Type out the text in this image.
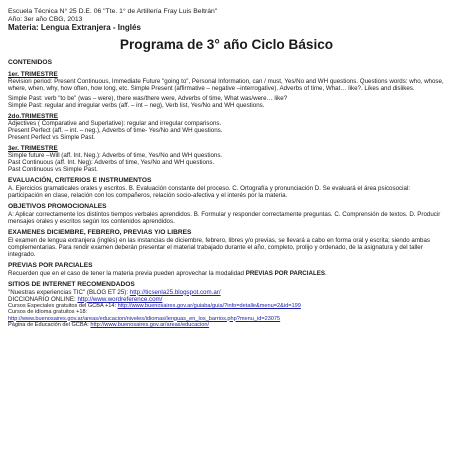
Escuela Técnica N° 25 D.E. 06 "Tte. 1° de Artillería Fray Luis Beltrán"
Año: 3er año CBG, 2013
Materia: Lengua Extranjera - Inglés
Programa de 3° año Ciclo Básico
CONTENIDOS
1er. TRIMESTRE
Revision period: Present Continuous, Immediate Future "going to", Personal Information, can / must, Yes/No and WH questions. Questions words: who, whose, where, when, why, how often, how long, etc. Simple Present (affirmative – negative –interrogative). Adverbs of time, What… like?. Likes and dislikes.
Simple Past: verb "to be" (was – were), there was/there were, Adverbs of time, What was/were… like?
Simple Past: regular and irregular verbs (aff. – int – neg), Verb list, Yes/No and WH questions.
2do.TRIMESTRE
Adjectives ( Comparative and Superlative): regular and irregular comparisons.
Present Perfect (aff. – int. – neg.), Adverbs of time- Yes/No and WH questions.
Present Perfect vs Simple Past.
3er. TRIMESTRE
Simple future –Will (aff. Int. Neg.): Adverbs of time, Yes/No and WH questions.
Past Continuous (aff. Int. Neg): Adverbs of time, Yes/No and WH questions.
Past Continuous vs Simple Past.
EVALUACIÓN, CRITERIOS E INSTRUMENTOS
A. Ejercicios gramaticales orales y escritos. B. Evaluación constante del proceso. C. Ortografía y pronunciación D. Se evaluará el área psicosocial: participación en clase, relación con los compañeros, relación socio-afectiva y el interés por la materia.
OBJETIVOS PROMOCIONALES
A: Aplicar correctamente los distintos tiempos verbales aprendidos. B. Formular y responder correctamente preguntas. C. Comprensión de textos. D. Producir mensajes orales y escritos según los contenidos aprendidos.
EXAMENES DICIEMBRE, FEBRERO, PREVIAS Y/O LIBRES
El examen de lengua extranjera (inglés) en las instancias de diciembre, febrero, libres y/o previas, se llevará a cabo en forma oral y escrita; siendo ambas complementarias. Para rendir examen deberán presentar el material trabajado durante el año, completo, prolijo y ordenado, de la asignatura y del taller integrado.
PREVIAS POR PARCIALES
Recuerden que en el caso de tener la materia previa pueden aprovechar la modalidad PREVIAS POR PARCIALES.
SITIOS DE INTERNET RECOMENDADOS
"Nuestras experiencias TIC" (BLOG ET 25): http://ticsenla25.blogspot.com.ar/
DICCIONARIO ONLINE: http://www.wordreference.com/
Cursos Especiales gratuitos del GCBA +14: http://www.buenosaires.gov.ar/guiaba/guia/?info=detalle&menu=2&id=199
Cursos de idioma gratuitos +18:
http://www.buenosaires.gov.ar/areas/educacion/niveles/idiomas/lenguas_en_los_barrios.php?menu_id=23075
Página de Educación del GCBA: http://www.buenosaires.gov.ar/areas/educacion/
